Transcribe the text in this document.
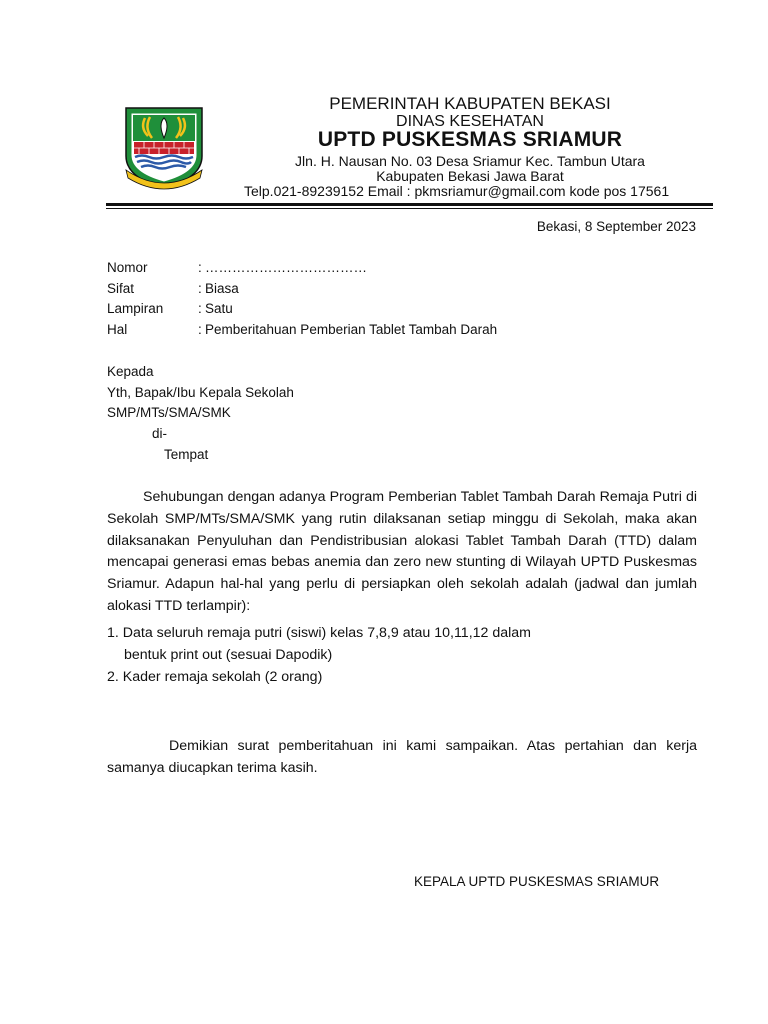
PEMERINTAH KABUPATEN BEKASI
DINAS KESEHATAN
UPTD PUSKESMAS SRIAMUR
Jln. H. Nausan No. 03 Desa Sriamur Kec. Tambun Utara
Kabupaten Bekasi Jawa Barat
Telp.021-89239152 Email : pkmsriamur@gmail.com kode pos 17561
Bekasi, 8 September 2023
Nomor	: ………………………………
Sifat	: Biasa
Lampiran	: Satu
Hal	: Pemberitahuan Pemberian Tablet Tambah Darah
Kepada
Yth, Bapak/Ibu Kepala Sekolah
SMP/MTs/SMA/SMK
di-
Tempat
Sehubungan dengan adanya Program Pemberian Tablet Tambah Darah Remaja Putri di Sekolah SMP/MTs/SMA/SMK yang rutin dilaksanan setiap minggu di Sekolah, maka akan dilaksanakan Penyuluhan dan Pendistribusian alokasi Tablet Tambah Darah (TTD) dalam mencapai generasi emas bebas anemia dan zero new stunting di Wilayah UPTD Puskesmas Sriamur. Adapun hal-hal yang perlu di persiapkan oleh sekolah adalah (jadwal dan jumlah alokasi TTD terlampir):
1. Data seluruh remaja putri (siswi) kelas 7,8,9 atau 10,11,12 dalam
bentuk print out (sesuai Dapodik)
2. Kader remaja sekolah (2 orang)
Demikian surat pemberitahuan ini kami sampaikan. Atas pertahian dan kerja samanya diucapkan terima kasih.
KEPALA UPTD PUSKESMAS SRIAMUR
